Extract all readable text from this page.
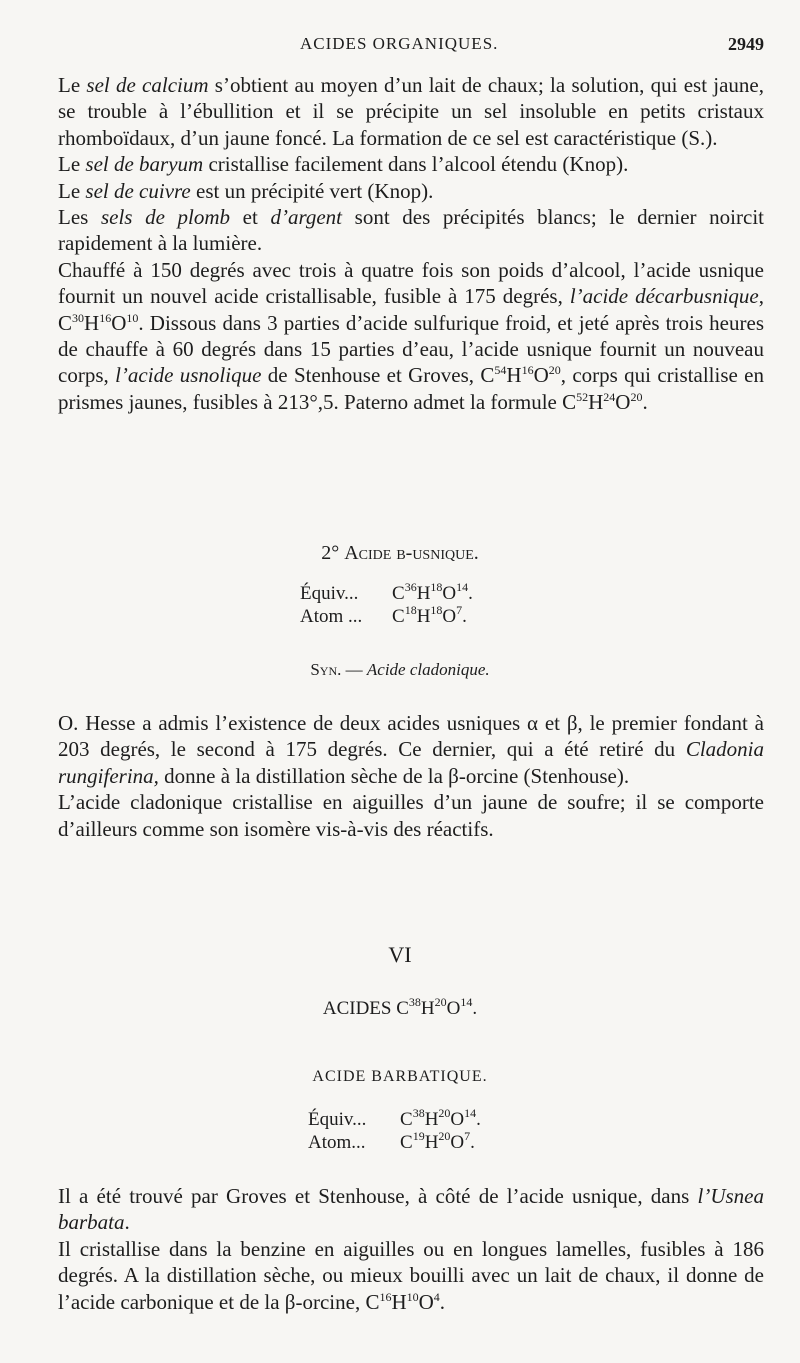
ACIDES ORGANIQUES.	2949

Le sel de calcium s’obtient au moyen d’un lait de chaux; la solution, qui est jaune, se trouble à l’ébullition et il se précipite un sel insoluble en petits cristaux rhomboïdaux, d’un jaune foncé. La formation de ce sel est caractéristique (S.).

Le sel de baryum cristallise facilement dans l’alcool étendu (Knop).

Le sel de cuivre est un précipité vert (Knop).

Les sels de plomb et d’argent sont des précipités blancs; le dernier noircit rapidement à la lumière.

Chauffé à 150 degrés avec trois à quatre fois son poids d’alcool, l’acide usnique fournit un nouvel acide cristallisable, fusible à 175 degrés, l’acide décarbusnique, $C^{30}H^{16}O^{10}$. Dissous dans 3 parties d’acide sulfurique froid, et jeté après trois heures de chauffe à 60 degrés dans 15 parties d’eau, l’acide usnique fournit un nouveau corps, l’acide usnolique de Stenhouse et Groves, $C^{54}H^{16}O^{20}$, corps qui cristallise en prismes jaunes, fusibles à 213°,5. Paterno admet la formule $C^{52}H^{24}O^{20}$.

2° Acide β-usnique.
Équiv... $C^{36}H^{18}O^{14}$.
Atom ... $C^{18}H^{18}O^7$.
Syn. — Acide cladonique.

O. Hesse a admis l’existence de deux acides usniques α et β, le premier fondant à 203 degrés, le second à 175 degrés. Ce dernier, qui a été retiré du Cladonia rungiferina, donne à la distillation sèche de la β-orcine (Stenhouse).

L’acide cladonique cristallise en aiguilles d’un jaune de soufre; il se comporte d’ailleurs comme son isomère vis-à-vis des réactifs.

VI
ACIDES $C^{38}H^{20}O^{14}$.
ACIDE BARBATIQUE.
Équiv... $C^{38}H^{20}O^{14}$.
Atom... $C^{19}H^{20}O^7$.

Il a été trouvé par Groves et Stenhouse, à côté de l’acide usnique, dans l’Usnea barbata.

Il cristallise dans la benzine en aiguilles ou en longues lamelles, fusibles à 186 degrés. A la distillation sèche, ou mieux bouilli avec un lait de chaux, il donne de l’acide carbonique et de la β-orcine, $C^{16}H^{10}O^4$.
